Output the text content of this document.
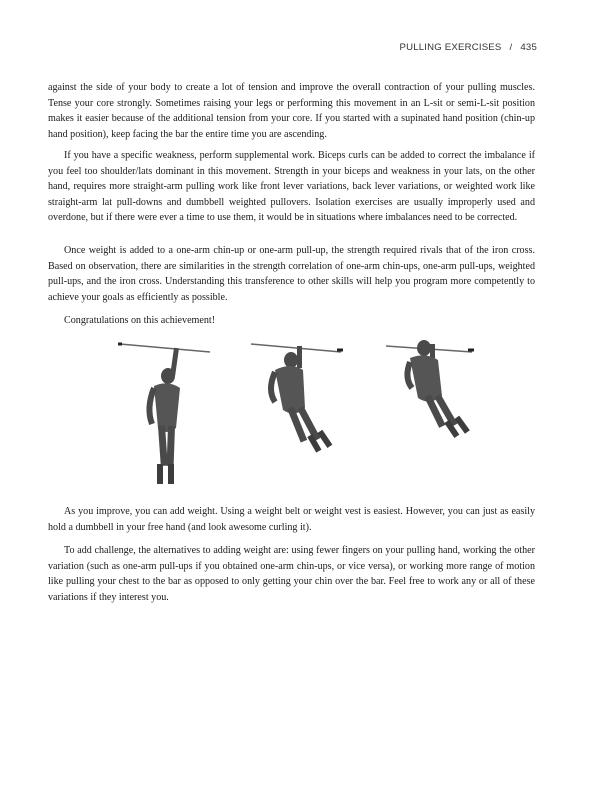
PULLING EXERCISES / 435

against the side of your body to create a lot of tension and improve the overall contraction of your pulling muscles. Tense your core strongly. Sometimes raising your legs or performing this movement in an L-sit or semi-L-sit position makes it easier because of the additional tension from your core. If you started with a supinated hand position (chin-up hand position), keep facing the bar the entire time you are ascending.

If you have a specific weakness, perform supplemental work. Biceps curls can be added to correct the imbalance if you feel too shoulder/lats dominant in this movement. Strength in your biceps and weakness in your lats, on the other hand, requires more straight-arm pulling work like front lever variations, back lever variations, or weighted work like straight-arm lat pull-downs and dumbbell weighted pullovers. Isolation exercises are usually improperly used and overdone, but if there were ever a time to use them, it would be in situations where imbalances need to be corrected.

Once weight is added to a one-arm chin-up or one-arm pull-up, the strength required rivals that of the iron cross. Based on observation, there are similarities in the strength correlation of one-arm chin-ups, one-arm pull-ups, weighted pull-ups, and the iron cross. Understanding this transference to other skills will help you program more competently to achieve your goals as efficiently as possible.

Congratulations on this achievement!

As you improve, you can add weight. Using a weight belt or weight vest is easiest. However, you can just as easily hold a dumbbell in your free hand (and look awesome curling it).

To add challenge, the alternatives to adding weight are: using fewer fingers on your pulling hand, working the other variation (such as one-arm pull-ups if you obtained one-arm chin-ups, or vice versa), or working more range of motion like pulling your chest to the bar as opposed to only getting your chin over the bar. Feel free to work any or all of these variations if they interest you.
